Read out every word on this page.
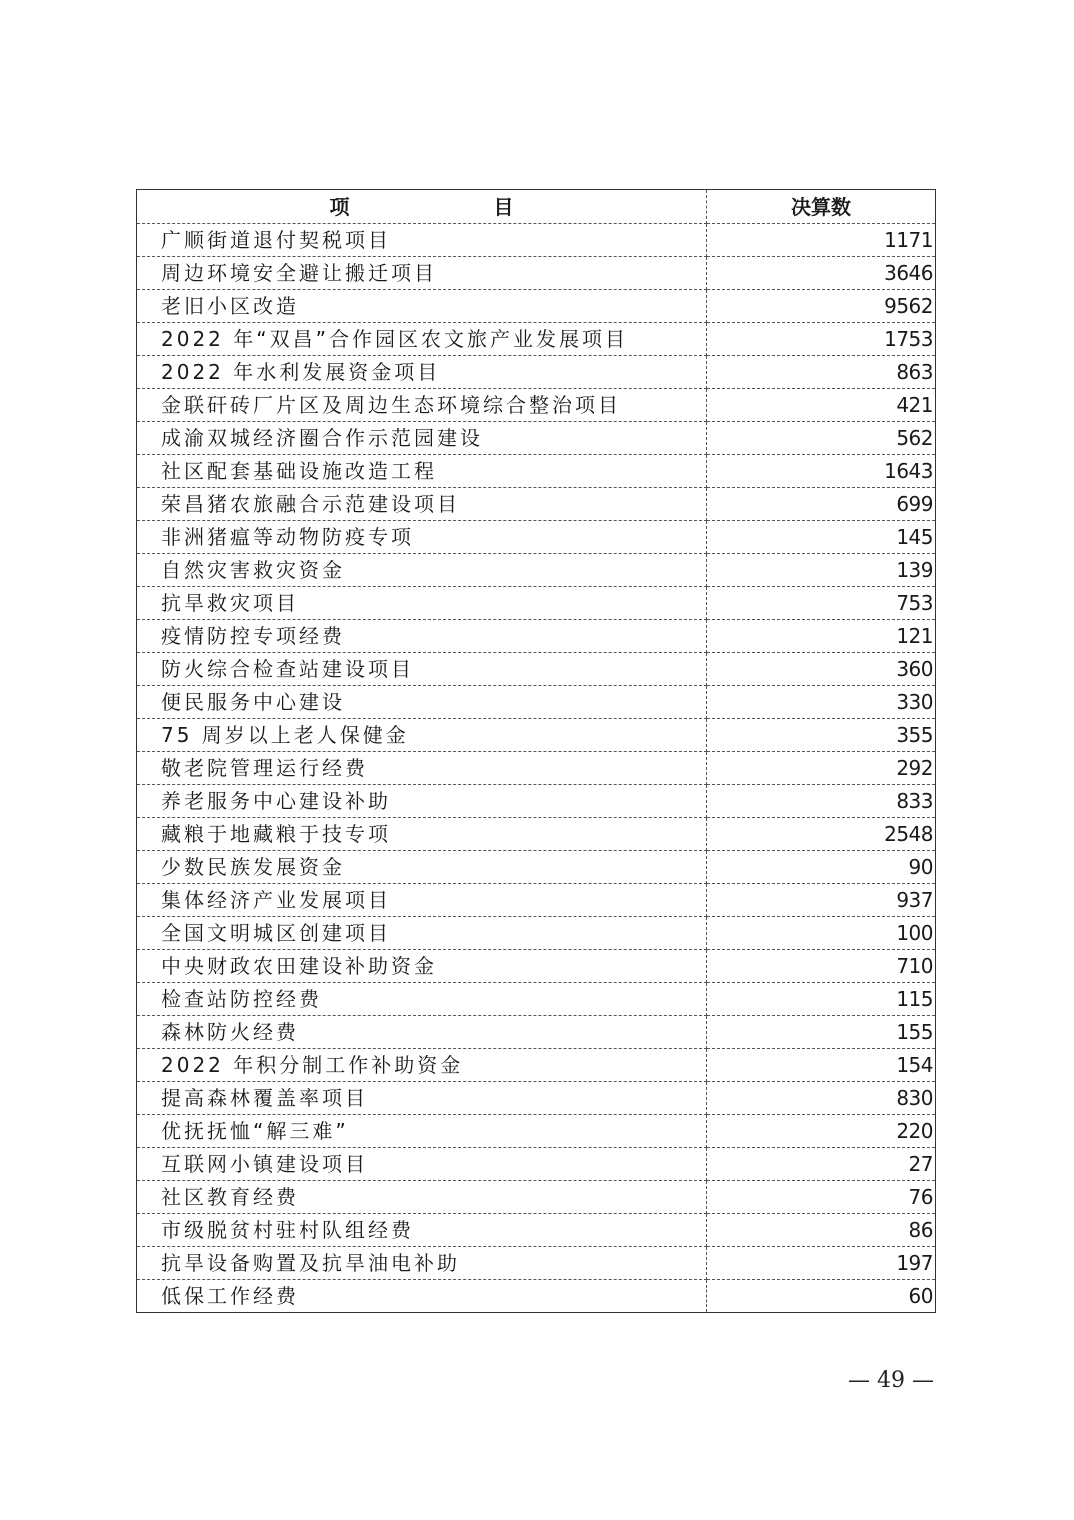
项　目	决算数
广顺街道退付契税项目	1171
周边环境安全避让搬迁项目	3646
老旧小区改造	9562
2022 年“双昌”合作园区农文旅产业发展项目	1753
2022 年水利发展资金项目	863
金联矸砖厂片区及周边生态环境综合整治项目	421
成渝双城经济圈合作示范园建设	562
社区配套基础设施改造工程	1643
荣昌猪农旅融合示范建设项目	699
非洲猪瘟等动物防疫专项	145
自然灾害救灾资金	139
抗旱救灾项目	753
疫情防控专项经费	121
防火综合检查站建设项目	360
便民服务中心建设	330
75 周岁以上老人保健金	355
敬老院管理运行经费	292
养老服务中心建设补助	833
藏粮于地藏粮于技专项	2548
少数民族发展资金	90
集体经济产业发展项目	937
全国文明城区创建项目	100
中央财政农田建设补助资金	710
检查站防控经费	115
森林防火经费	155
2022 年积分制工作补助资金	154
提高森林覆盖率项目	830
优抚抚恤“解三难”	220
互联网小镇建设项目	27
社区教育经费	76
市级脱贫村驻村队组经费	86
抗旱设备购置及抗旱油电补助	197
低保工作经费	60
— 49 —
